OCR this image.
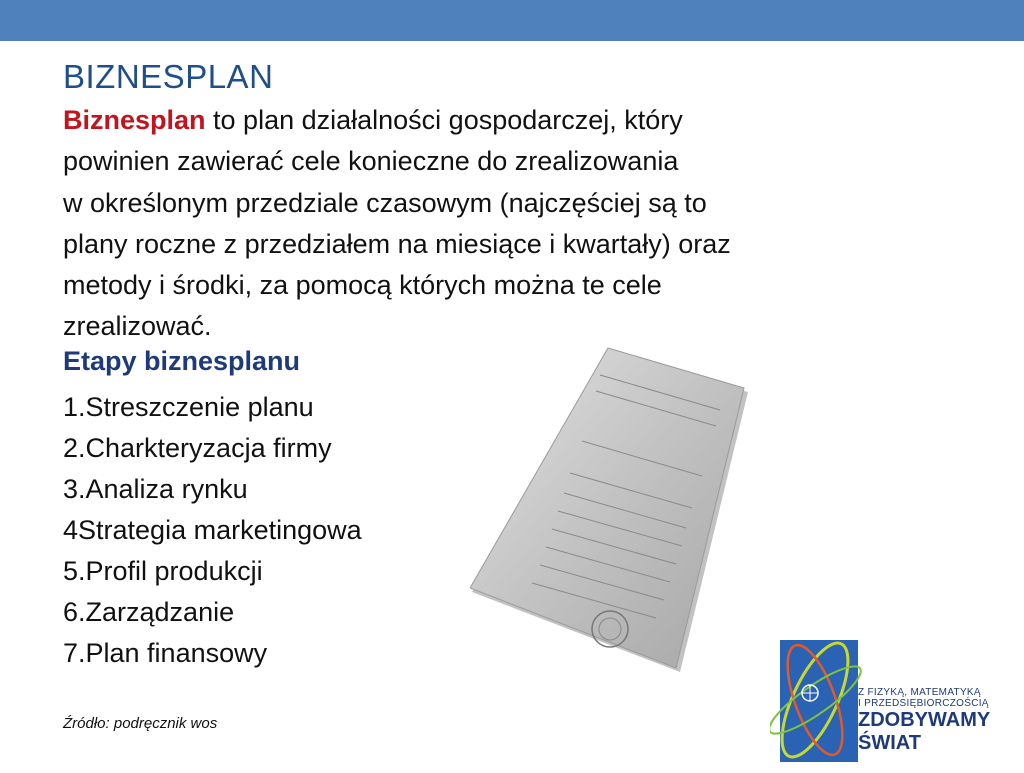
BIZNESPLAN
Biznesplan to plan działalności gospodarczej, który
powinien zawierać cele konieczne do zrealizowania
w określonym przedziale czasowym (najczęściej są to
plany roczne z przedziałem na miesiące i kwartały) oraz
metody i środki, za pomocą których można te cele
zrealizować.
Etapy biznesplanu
1.Streszczenie planu
2.Charkteryzacja firmy
3.Analiza rynku
4Strategia marketingowa
5.Profil produkcji
6.Zarządzanie
7.Plan finansowy
Źródło: podręcznik wos
Z FIZYKĄ, MATEMATYKĄ
I PRZEDSIĘBIORCZOŚCIĄ
ZDOBYWAMY
ŚWIAT
